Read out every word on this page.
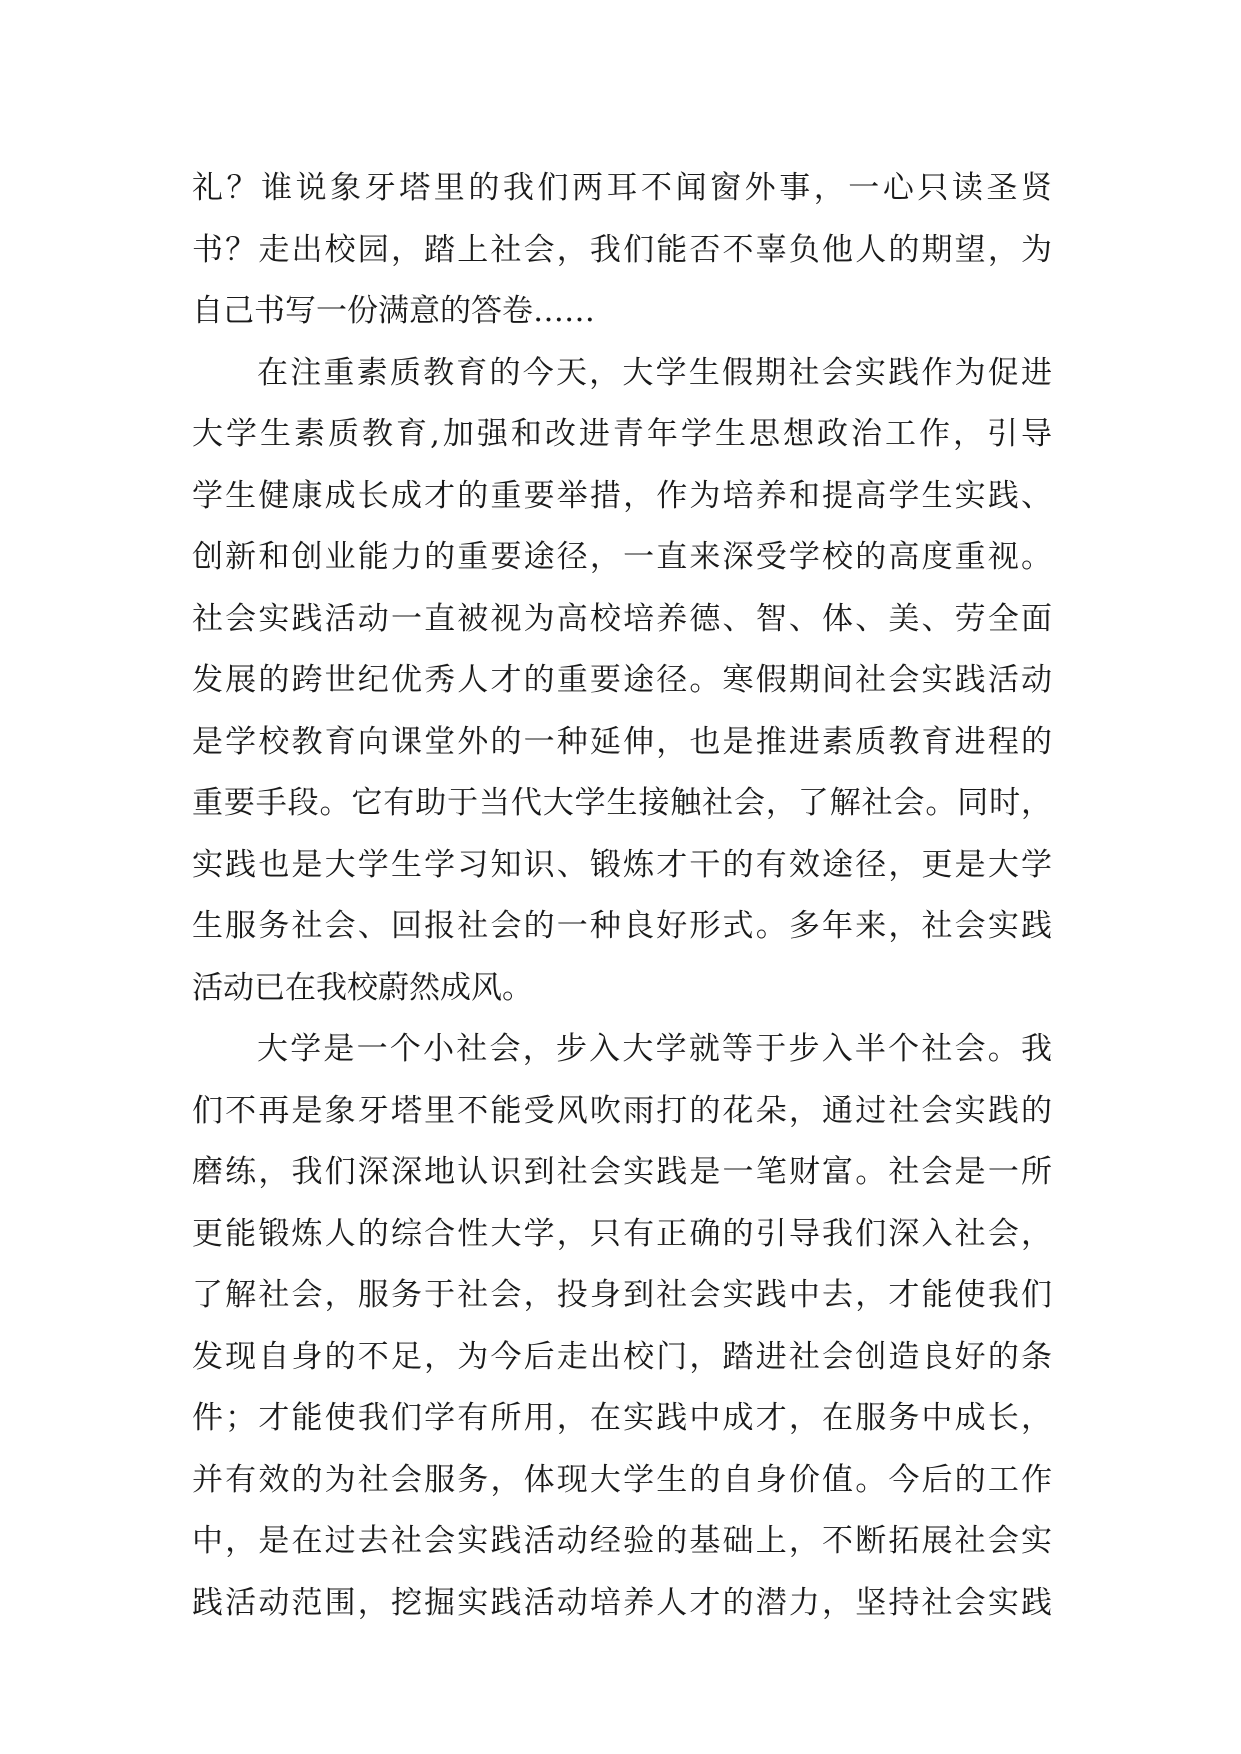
礼？谁说象牙塔里的我们两耳不闻窗外事，一心只读圣贤
书？走出校园，踏上社会，我们能否不辜负他人的期望，为
自己书写一份满意的答卷……
在注重素质教育的今天，大学生假期社会实践作为促进
大学生素质教育,加强和改进青年学生思想政治工作，引导
学生健康成长成才的重要举措，作为培养和提高学生实践、
创新和创业能力的重要途径，一直来深受学校的高度重视。
社会实践活动一直被视为高校培养德、智、体、美、劳全面
发展的跨世纪优秀人才的重要途径。寒假期间社会实践活动
是学校教育向课堂外的一种延伸，也是推进素质教育进程的
重要手段。它有助于当代大学生接触社会，了解社会。同时，
实践也是大学生学习知识、锻炼才干的有效途径，更是大学
生服务社会、回报社会的一种良好形式。多年来，社会实践
活动已在我校蔚然成风。
大学是一个小社会，步入大学就等于步入半个社会。我
们不再是象牙塔里不能受风吹雨打的花朵，通过社会实践的
磨练，我们深深地认识到社会实践是一笔财富。社会是一所
更能锻炼人的综合性大学，只有正确的引导我们深入社会，
了解社会，服务于社会，投身到社会实践中去，才能使我们
发现自身的不足，为今后走出校门，踏进社会创造良好的条
件；才能使我们学有所用，在实践中成才，在服务中成长，
并有效的为社会服务，体现大学生的自身价值。今后的工作
中，是在过去社会实践活动经验的基础上，不断拓展社会实
践活动范围，挖掘实践活动培养人才的潜力，坚持社会实践
